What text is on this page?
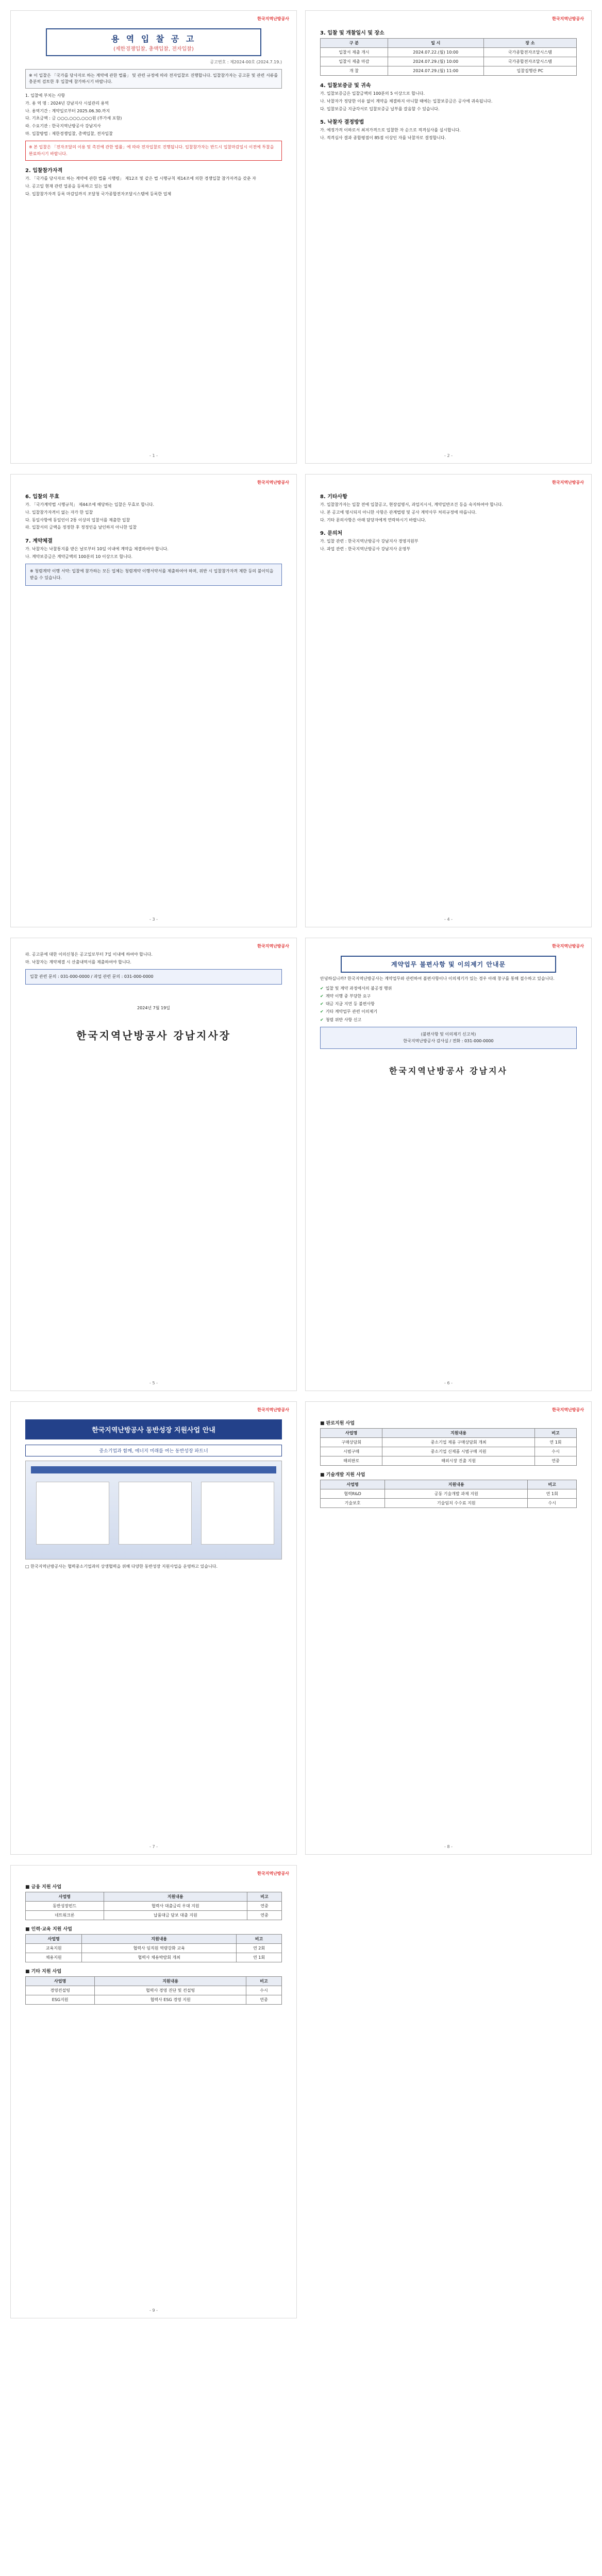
한국지역난방공사
용 역 입 찰 공 고
(제한경쟁입찰, 총액입찰, 전자입찰)
공고번호 : 제2024-00호 (2024.7.19.)
※ 이 입찰은 「국가를 당사자로 하는 계약에 관한 법률」 및 관련 규정에 따라 전자입찰로 진행합니다. 입찰참가자는 공고문 및 관련 서류를 충분히 검토한 후 입찰에 참가하시기 바랍니다.

1. 입찰에 부치는 사항

가. 용 역 명 : 2024년 강남지사 시설관리 용역

나. 용역기간 : 계약일로부터 2025.06.30.까지

다. 기초금액 : 금 ○○○,○○○,○○○원 (부가세 포함)

라. 수요기관 : 한국지역난방공사 강남지사

마. 입찰방법 : 제한경쟁입찰, 총액입찰, 전자입찰

※ 본 입찰은 「전자조달의 이용 및 촉진에 관한 법률」에 따라 전자입찰로 진행됩니다. 입찰참가자는 반드시 입찰마감일시 이전에 투찰을 완료하시기 바랍니다.
2. 입찰참가자격

가. 「국가를 당사자로 하는 계약에 관한 법률 시행령」 제12조 및 같은 법 시행규칙 제14조에 의한 경쟁입찰 참가자격을 갖춘 자

나. 공고일 현재 관련 업종을 등록하고 있는 업체

다. 입찰참가자격 등록 마감일까지 조달청 국가종합전자조달시스템에 등록한 업체

- 1 -
한국지역난방공사
3. 입찰 및 개찰일시 및 장소
구 분	일 시	장 소
입찰서 제출 개시	2024.07.22.(월) 10:00	국가종합전자조달시스템
입찰서 제출 마감	2024.07.29.(월) 10:00	국가종합전자조달시스템
개 찰	2024.07.29.(월) 11:00	입찰집행관 PC
4. 입찰보증금 및 귀속

가. 입찰보증금은 입찰금액의 100분의 5 이상으로 합니다.

나. 낙찰자가 정당한 이유 없이 계약을 체결하지 아니할 때에는 입찰보증금은 공사에 귀속됩니다.

다. 입찰보증금 지급각서로 입찰보증금 납부를 갈음할 수 있습니다.

5. 낙찰자 결정방법

가. 예정가격 이하로서 최저가격으로 입찰한 자 순으로 적격심사를 실시합니다.

나. 적격심사 결과 종합평점이 85점 이상인 자를 낙찰자로 결정합니다.

- 2 -
한국지역난방공사
6. 입찰의 무효

가. 「국가계약법 시행규칙」 제44조에 해당하는 입찰은 무효로 합니다.

나. 입찰참가자격이 없는 자가 한 입찰

다. 동일사항에 동일인이 2통 이상의 입찰서를 제출한 입찰

라. 입찰서의 금액을 정정한 후 정정인을 날인하지 아니한 입찰

7. 계약체결

가. 낙찰자는 낙찰통지를 받은 날로부터 10일 이내에 계약을 체결하여야 합니다.

나. 계약보증금은 계약금액의 100분의 10 이상으로 합니다.

※ 청렴계약 이행 서약: 입찰에 참가하는 모든 업체는 청렴계약 이행서약서를 제출하여야 하며, 위반 시 입찰참가자격 제한 등의 불이익을 받을 수 있습니다.
- 3 -
한국지역난방공사
8. 기타사항

가. 입찰참가자는 입찰 전에 입찰공고, 현장설명서, 과업지시서, 계약일반조건 등을 숙지하여야 합니다.

나. 본 공고에 명시되지 아니한 사항은 관계법령 및 공사 계약사무 처리규정에 따릅니다.

다. 기타 문의사항은 아래 담당자에게 연락하시기 바랍니다.

9. 문의처

가. 입찰 관련 : 한국지역난방공사 강남지사 경영지원부

나. 과업 관련 : 한국지역난방공사 강남지사 운영부

- 4 -
한국지역난방공사

라. 공고문에 대한 이의신청은 공고일로부터 7일 이내에 하여야 합니다.

마. 낙찰자는 계약체결 시 산출내역서를 제출하여야 합니다.

입찰 관련 문의 : 031-000-0000 / 과업 관련 문의 : 031-000-0000

2024년 7월 19일

한국지역난방공사 강남지사장
- 5 -
한국지역난방공사
계약업무 불편사항 및 이의제기 안내문

안녕하십니까? 한국지역난방공사는 계약업무와 관련하여 불편사항이나 이의제기가 있는 경우 아래 창구를 통해 접수하고 있습니다.

✔ 입찰 및 계약 과정에서의 불공정 행위
✔ 계약 이행 중 부당한 요구
✔ 대금 지급 지연 등 불편사항
✔ 기타 계약업무 관련 이의제기
✔ 청렴 위반 사항 신고
(불편사항 및 이의제기 신고처)
한국지역난방공사 감사실 / 전화 : 031-000-0000
한국지역난방공사 강남지사
- 6 -
한국지역난방공사
한국지역난방공사 동반성장 지원사업 안내
중소기업과 함께, 에너지 미래를 여는 동반성장 파트너

□ 한국지역난방공사는 협력중소기업과의 상생협력을 위해 다양한 동반성장 지원사업을 운영하고 있습니다.

- 7 -
한국지역난방공사
■ 판로지원 사업
사업명	지원내용	비고
구매상담회	중소기업 제품 구매상담회 개최	연 1회
시범구매	중소기업 신제품 시범구매 지원	수시
해외판로	해외시장 진출 지원	연중
■ 기술개발 지원 사업
사업명	지원내용	비고
협력R&D	공동 기술개발 과제 지원	연 1회
기술보호	기술임치 수수료 지원	수시
- 8 -
한국지역난방공사
■ 금융 지원 사업
사업명	지원내용	비고
동반성장펀드	협력사 대출금리 우대 지원	연중
네트워크론	납품대금 담보 대출 지원	연중
■ 인력·교육 지원 사업
사업명	지원내용	비고
교육지원	협력사 임직원 역량강화 교육	연 2회
채용지원	협력사 채용박람회 개최	연 1회
■ 기타 지원 사업
사업명	지원내용	비고
경영컨설팅	협력사 경영 진단 및 컨설팅	수시
ESG지원	협력사 ESG 경영 지원	연중
- 9 -
